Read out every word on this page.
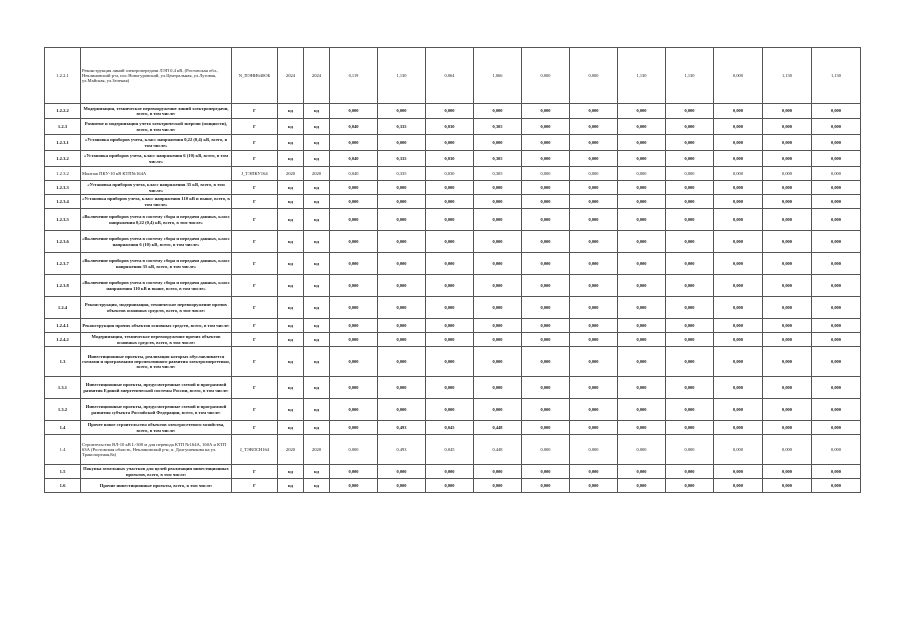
1.2.2.1	Реконструкция линий электропередачи ЛЭП 0,4 кВ, (Ростовская обл., Неклиновский р-н, пос.Новогуровский, ул.Центральная, ул.Луговая, ул.Майская, ул.Зеленая)	N_ПЭНИ640ОБ	2024	2024	0,119	1,130	0,064	1,066	0,000	0,000	1,130	1,130	0,000	1,130	1,130
1.2.2.2	Модернизация, техническое перевооружение линий электропередачи, всего, в том числе:	Г	нд	нд	0,000	0,000	0,000	0,000	0,000	0,000	0,000	0,000	0,000	0,000	0,000
1.2.3	Развитие и модернизация учета электрической энергии (мощности), всего, в том числе:	Г	нд	нд	0,040	0,335	0,030	0,305	0,000	0,000	0,000	0,000	0,000	0,000	0,000
1.2.3.1	«Установка приборов учета, класс напряжения 0,22 (0,4) кВ, всего, в том числе»	Г	нд	нд	0,000	0,000	0,000	0,000	0,000	0,000	0,000	0,000	0,000	0,000	0,000
1.2.3.2	«Установка приборов учета, класс напряжения 6 (10) кВ, всего, в том числе»	Г	нд	нд	0,040	0,335	0,030	0,305	0,000	0,000	0,000	0,000	0,000	0,000	0,000
1.2.3.2	Монтаж ПКУ-10 кВ КТП№164А	J_ТЭПКУ164	2020	2020	0,040	0,335	0,030	0,305	0,000	0,000	0,000	0,000	0,000	0,000	0,000
1.2.3.3	«Установка приборов учета, класс напряжения 35 кВ, всего, в том числе»	Г	нд	нд	0,000	0,000	0,000	0,000	0,000	0,000	0,000	0,000	0,000	0,000	0,000
1.2.3.4	«Установка приборов учета, класс напряжения 110 кВ и выше, всего, в том числе»	Г	нд	нд	0,000	0,000	0,000	0,000	0,000	0,000	0,000	0,000	0,000	0,000	0,000
1.2.3.5	«Включение приборов учета в систему сбора и передачи данных, класс напряжения 0,22 (0,4) кВ, всего, в том числе»	Г	нд	нд	0,000	0,000	0,000	0,000	0,000	0,000	0,000	0,000	0,000	0,000	0,000
1.2.3.6	«Включение приборов учета в систему сбора и передачи данных, класс напряжения 6 (10) кВ, всего, в том числе»	Г	нд	нд	0,000	0,000	0,000	0,000	0,000	0,000	0,000	0,000	0,000	0,000	0,000
1.2.3.7	«Включение приборов учета в систему сбора и передачи данных, класс напряжения 35 кВ, всего, в том числе»	Г	нд	нд	0,000	0,000	0,000	0,000	0,000	0,000	0,000	0,000	0,000	0,000	0,000
1.2.3.8	«Включение приборов учета в систему сбора и передачи данных, класс напряжения 110 кВ и выше, всего, в том числе»	Г	нд	нд	0,000	0,000	0,000	0,000	0,000	0,000	0,000	0,000	0,000	0,000	0,000
1.2.4	Реконструкция, модернизация, техническое перевооружение прочих объектов основных средств, всего, в том числе:	Г	нд	нд	0,000	0,000	0,000	0,000	0,000	0,000	0,000	0,000	0,000	0,000	0,000
1.2.4.1	Реконструкция прочих объектов основных средств, всего, в том числе:	Г	нд	нд	0,000	0,000	0,000	0,000	0,000	0,000	0,000	0,000	0,000	0,000	0,000
1.2.4.2	Модернизация, техническое перевооружение прочих объектов основных средств, всего, в том числе:	Г	нд	нд	0,000	0,000	0,000	0,000	0,000	0,000	0,000	0,000	0,000	0,000	0,000
1.3	Инвестиционные проекты, реализация которых обуславливается схемами и программами перспективного развития электроэнергетики, всего, в том числе:	Г	нд	нд	0,000	0,000	0,000	0,000	0,000	0,000	0,000	0,000	0,000	0,000	0,000
1.3.1	Инвестиционные проекты, предусмотренные схемой и программой развития Единой энергетической системы России, всего, в том числе:	Г	нд	нд	0,000	0,000	0,000	0,000	0,000	0,000	0,000	0,000	0,000	0,000	0,000
1.3.2	Инвестиционные проекты, предусмотренные схемой и программой развития субъекта Российской Федерации, всего, в том числе:	Г	нд	нд	0,000	0,000	0,000	0,000	0,000	0,000	0,000	0,000	0,000	0,000	0,000
1.4	Прочее новое строительство объектов электросетевого хозяйства, всего, в том числе:	Г	нд	нд	0,000	0,493	0,045	0,448	0,000	0,000	0,000	0,000	0,000	0,000	0,000
1.4	Строительство ВЛ-10 кВ L-300 м для перевода КТП №164А, 160А и КТП 63А (Ростовская область, Неклиновский р-н, п. Долгушенкова на ул. Транспортная,8а)	J_ТЭВЛСН164	2020	2020	0,000	0,493	0,045	0,448	0,000	0,000	0,000	0,000	0,000	0,000	0,000
1.5	Покупка земельных участков для целей реализации инвестиционных проектов, всего, в том числе:	Г	нд	нд	0,000	0,000	0,000	0,000	0,000	0,000	0,000	0,000	0,000	0,000	0,000
1.6	Прочие инвестиционные проекты, всего, в том числе:	Г	нд	нд	0,000	0,000	0,000	0,000	0,000	0,000	0,000	0,000	0,000	0,000	0,000
